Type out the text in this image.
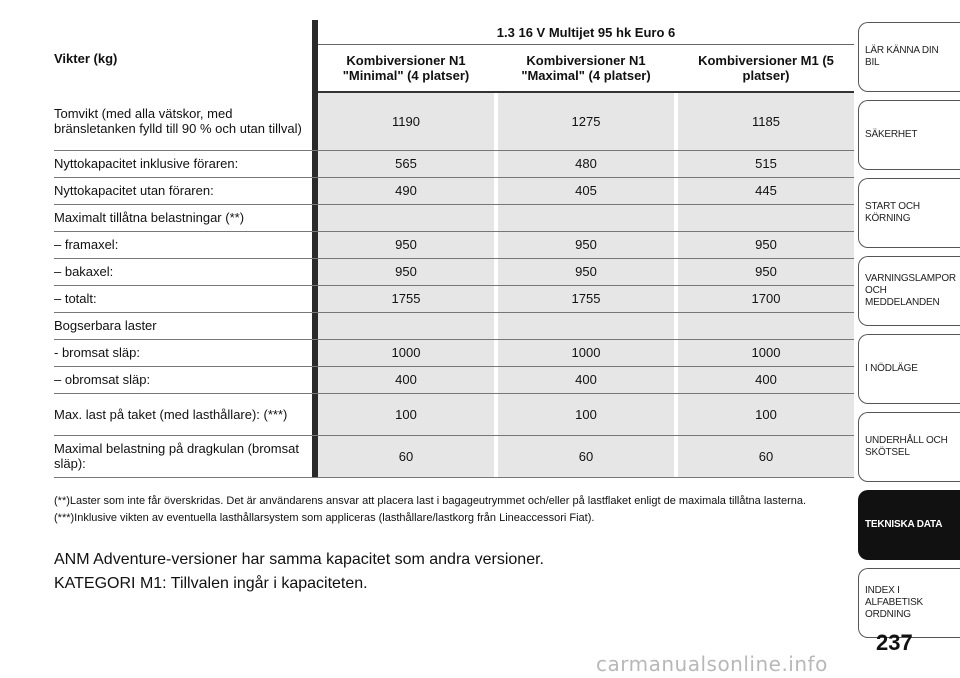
Vikter (kg)		1.3 16 V Multijet 95 hk Euro 6				
		Kombiversioner N1 "Minimal" (4 platser)		Kombiversioner N1 "Maximal" (4 platser)		Kombiversioner M1 (5 platser)
Tomvikt (med alla vätskor, med bränsletanken fylld till 90 % och utan tillval)		1190		1275		1185
Nyttokapacitet inklusive föraren:		565		480		515
Nyttokapacitet utan föraren:		490		405		445
Maximalt tillåtna belastningar (**)						
– framaxel:		950		950		950
– bakaxel:		950		950		950
– totalt:		1755		1755		1700
Bogserbara laster						
- bromsat släp:		1000		1000		1000
– obromsat släp:		400		400		400
Max. last på taket (med lasthållare): (***)		100		100		100
Maximal belastning på dragkulan (bromsat släp):		60		60		60

(**)Laster som inte får överskridas. Det är användarens ansvar att placera last i bagageutrymmet och/eller på lastflaket enligt de maximala tillåtna lasterna.

(***)Inklusive vikten av eventuella lasthållarsystem som appliceras (lasthållare/lastkorg från Lineaccessori Fiat).

ANM Adventure-versioner har samma kapacitet som andra versioner.

KATEGORI M1: Tillvalen ingår i kapaciteten.

LÄR KÄNNA DIN BIL
SÄKERHET
START OCH KÖRNING
VARNINGSLAMPOR OCH MEDDELANDEN
I NÖDLÄGE
UNDERHÅLL OCH SKÖTSEL
TEKNISKA DATA
INDEX I ALFABETISK ORDNING
237
carmanualsonline.info
